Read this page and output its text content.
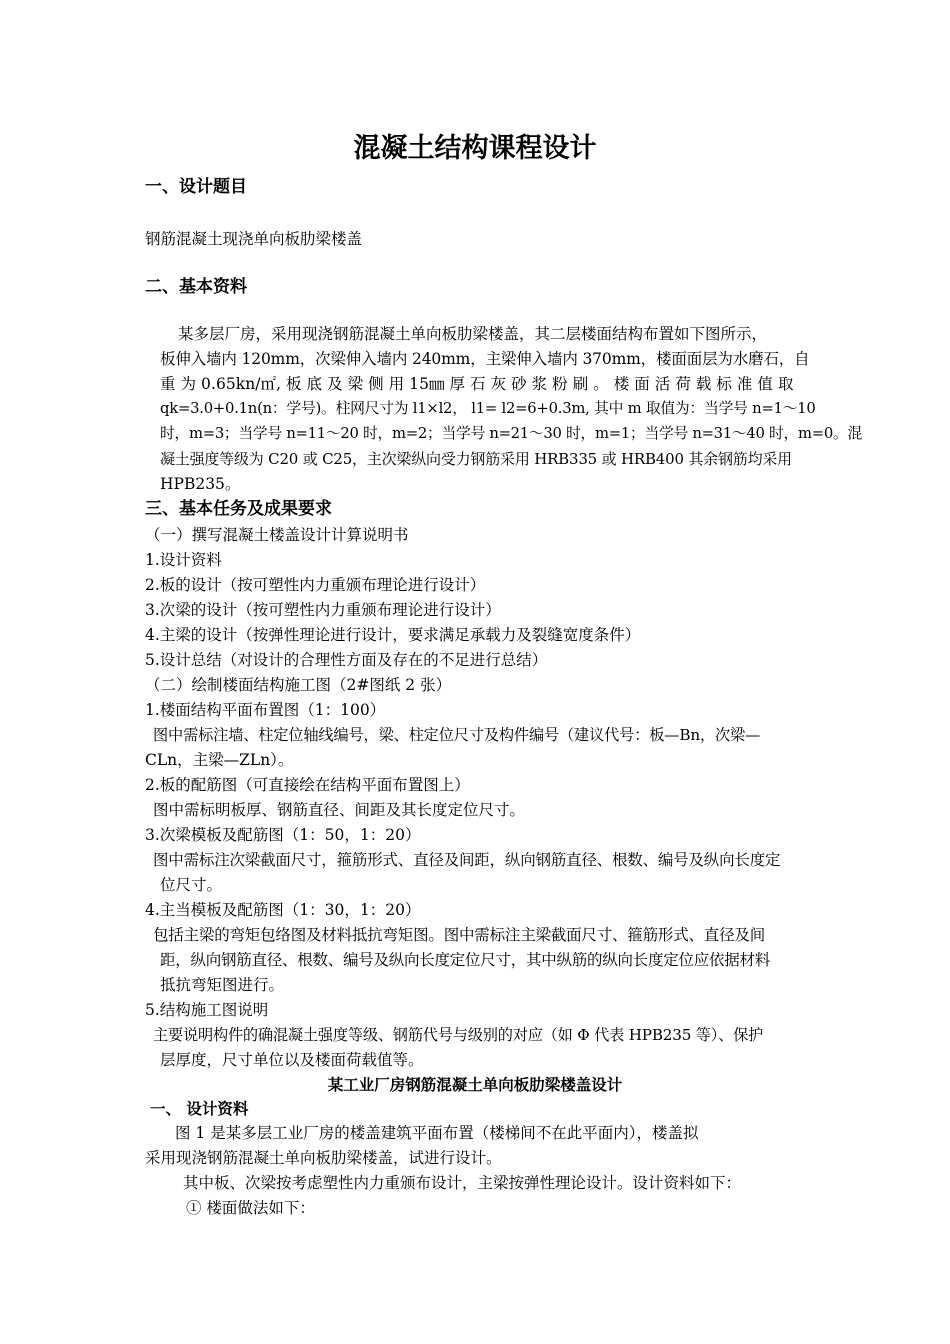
混凝土结构课程设计
一、设计题目
钢筋混凝土现浇单向板肋梁楼盖
二、基本资料
某多层厂房，采用现浇钢筋混凝土单向板肋梁楼盖，其二层楼面结构布置如下图所示，
板伸入墙内 120mm，次梁伸入墙内 240mm，主梁伸入墙内 370mm，楼面面层为水磨石，自
重 为 0.65kn/㎡, 板 底 及 梁 侧 用 15㎜ 厚 石 灰 砂 浆 粉 刷 。 楼 面 活 荷 载 标 准 值 取
qk=3.0+0.1n(n：学号)。柱网尺寸为 l1×l2， l1= l2=6+0.3m, 其中 m 取值为：当学号 n=1～10
时，m=3；当学号 n=11～20 时，m=2；当学号 n=21～30 时，m=1；当学号 n=31～40 时，m=0。混
凝土强度等级为 C20 或 C25，主次梁纵向受力钢筋采用 HRB335 或 HRB400 其余钢筋均采用
HPB235。
三、基本任务及成果要求
（一）撰写混凝土楼盖设计计算说明书
1.设计资料
2.板的设计（按可塑性内力重颁布理论进行设计）
3.次梁的设计（按可塑性内力重颁布理论进行设计）
4.主梁的设计（按弹性理论进行设计，要求满足承载力及裂缝宽度条件）
5.设计总结（对设计的合理性方面及存在的不足进行总结）
（二）绘制楼面结构施工图（2#图纸 2 张）
1.楼面结构平面布置图（1：100）
图中需标注墙、柱定位轴线编号，梁、柱定位尺寸及构件编号（建议代号：板—Bn，次梁—
CLn，主梁—ZLn）。
2.板的配筋图（可直接绘在结构平面布置图上）
图中需标明板厚、钢筋直径、间距及其长度定位尺寸。
3.次梁模板及配筋图（1：50，1：20）
图中需标注次梁截面尺寸，箍筋形式、直径及间距，纵向钢筋直径、根数、编号及纵向长度定
位尺寸。
4.主当模板及配筋图（1：30，1：20）
包括主梁的弯矩包络图及材料抵抗弯矩图。图中需标注主梁截面尺寸、箍筋形式、直径及间
距，纵向钢筋直径、根数、编号及纵向长度定位尺寸，其中纵筋的纵向长度定位应依据材料
抵抗弯矩图进行。
5.结构施工图说明
主要说明构件的确混凝土强度等级、钢筋代号与级别的对应（如 Φ 代表 HPB235 等）、保护
层厚度，尺寸单位以及楼面荷载值等。
某工业厂房钢筋混凝土单向板肋梁楼盖设计
一、 设计资料
图 1 是某多层工业厂房的楼盖建筑平面布置（楼梯间不在此平面内），楼盖拟
采用现浇钢筋混凝土单向板肋梁楼盖，试进行设计。
其中板、次梁按考虑塑性内力重颁布设计，主梁按弹性理论设计。设计资料如下：
① 楼面做法如下：
